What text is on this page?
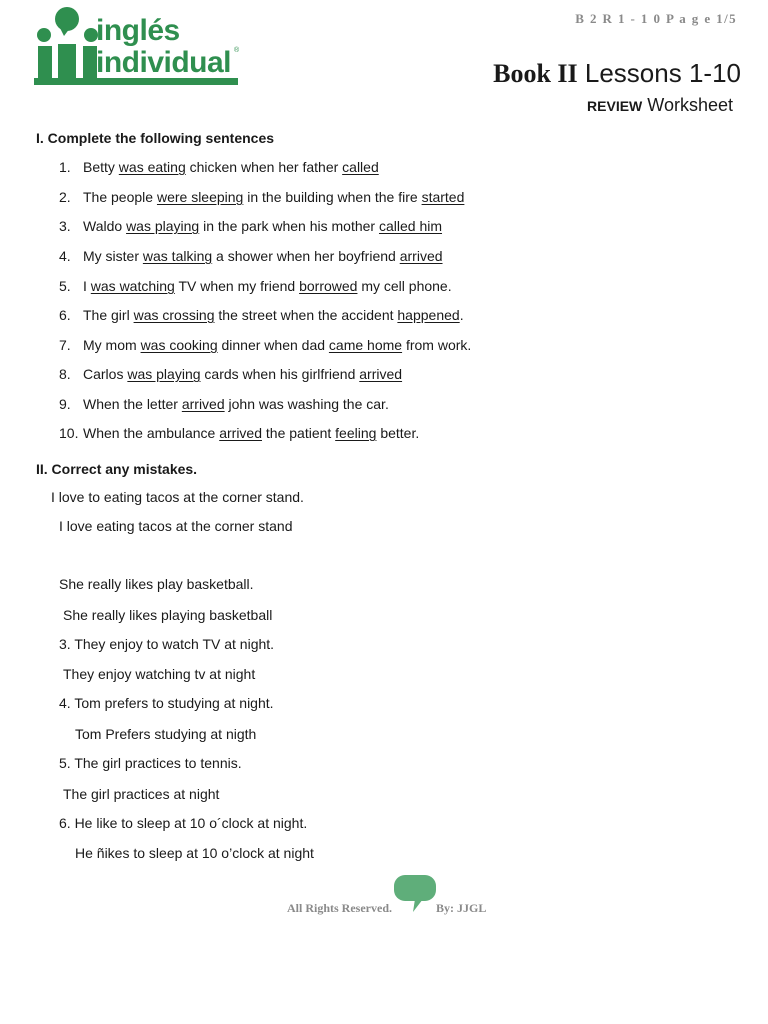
®
inglés
individual
B 2 R 1 - 1 0 P a g e 1/5
Book II Lessons 1-10
REVIEW Worksheet
I. Complete the following sentences
1. Betty was eating chicken when her father called
2. The people were sleeping in the building when the fire started
3. Waldo was playing in the park when his mother called him
4. My sister was talking a shower when her boyfriend arrived
5. I was watching TV when my friend borrowed my cell phone.
6. The girl was crossing the street when the accident happened.
7. My mom was cooking dinner when dad came home from work.
8. Carlos was playing cards when his girlfriend arrived
9. When the letter arrived john was washing the car.
10. When the ambulance arrived the patient feeling better.
II. Correct any mistakes.
I love to eating tacos at the corner stand.
I love eating tacos at the corner stand
She really likes play basketball.
She really likes playing basketball
3. They enjoy to watch TV at night.
They enjoy watching tv at night
4. Tom prefers to studying at night.
Tom Prefers studying at nigth
5. The girl practices to tennis.
The girl practices at night
6. He like to sleep at 10 o´clock at night.
He ñikes to sleep at 10 o’clock at night
All Rights Reserved.	By: JJGL
